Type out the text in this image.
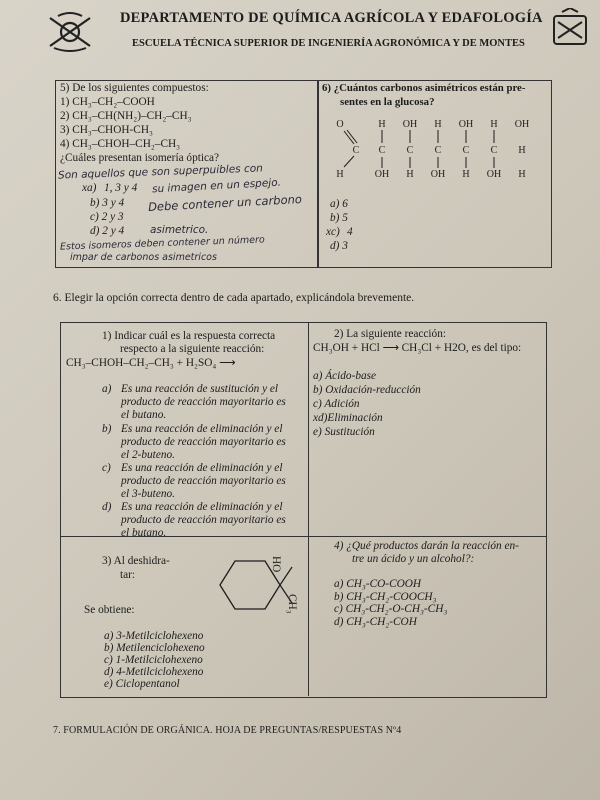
DEPARTAMENTO DE QUÍMICA AGRÍCOLA Y EDAFOLOGÍA
ESCUELA TÉCNICA SUPERIOR DE INGENIERÍA AGRONÓMICA Y DE MONTES
5) De los siguientes compuestos:
1) CH₃–CH₂–COOH
2) CH₃–CH(NH₂)–CH₂–CH₃
3) CH₃–CHOH-CH₃
4) CH₃–CHOH–CH₂–CH₃
¿Cuáles presentan isomería óptica?
Son aquellos que son superpuibles con
xa) 1, 3 y 4 su imagen en un espejo.
b) 3 y 4 Debe contener un carbono
c) 2 y 3
d) 2 y 4 asimetrico.
Estos isomeros deben contener un número
impar de carbonos asimetricos
6) ¿Cuántos carbonos asimétricos están pre-
sentes en la glucosa?
O	H OH H OH H OH
C C C C C C H
H	OH H OH H OH H
a) 6
b) 5
xc) 4
d) 3
6. Elegir la opción correcta dentro de cada apartado, explicándola brevemente.
1) Indicar cuál es la respuesta correcta
respecto a la siguiente reacción:
CH₃–CHOH–CH₂–CH₃ + H₂SO₄ ⟶
a) Es una reacción de sustitución y el
producto de reacción mayoritario es
el butano.
b) Es una reacción de eliminación y el
producto de reacción mayoritario es
el 2-buteno.
c) Es una reacción de eliminación y el
producto de reacción mayoritario es
el 3-buteno.
d) Es una reacción de eliminación y el
producto de reacción mayoritario es
el butano.
2) La siguiente reacción:
CH₃OH + HCl ⟶ CH₃Cl + H2O, es del tipo:
a) Ácido-base
b) Oxidación-reducción
c) Adición
xd)Eliminación
e) Sustitución
3) Al deshidra-
tar:
HO
CH₃
Se obtiene:
a) 3-Metilciclohexeno
b) Metilenciclohexeno
c) 1-Metilciclohexeno
d) 4-Metilciclohexeno
e) Ciclopentanol
4) ¿Qué productos darán la reacción en-
tre un ácido y un alcohol?:
a) CH₃-CO-COOH
b) CH₃-CH₂-COOCH₃
c) CH₃-CH₂-O-CH₃-CH₃
d) CH₃-CH₂-COH
7. FORMULACIÓN DE ORGÁNICA. HOJA DE PREGUNTAS/RESPUESTAS Nº4
